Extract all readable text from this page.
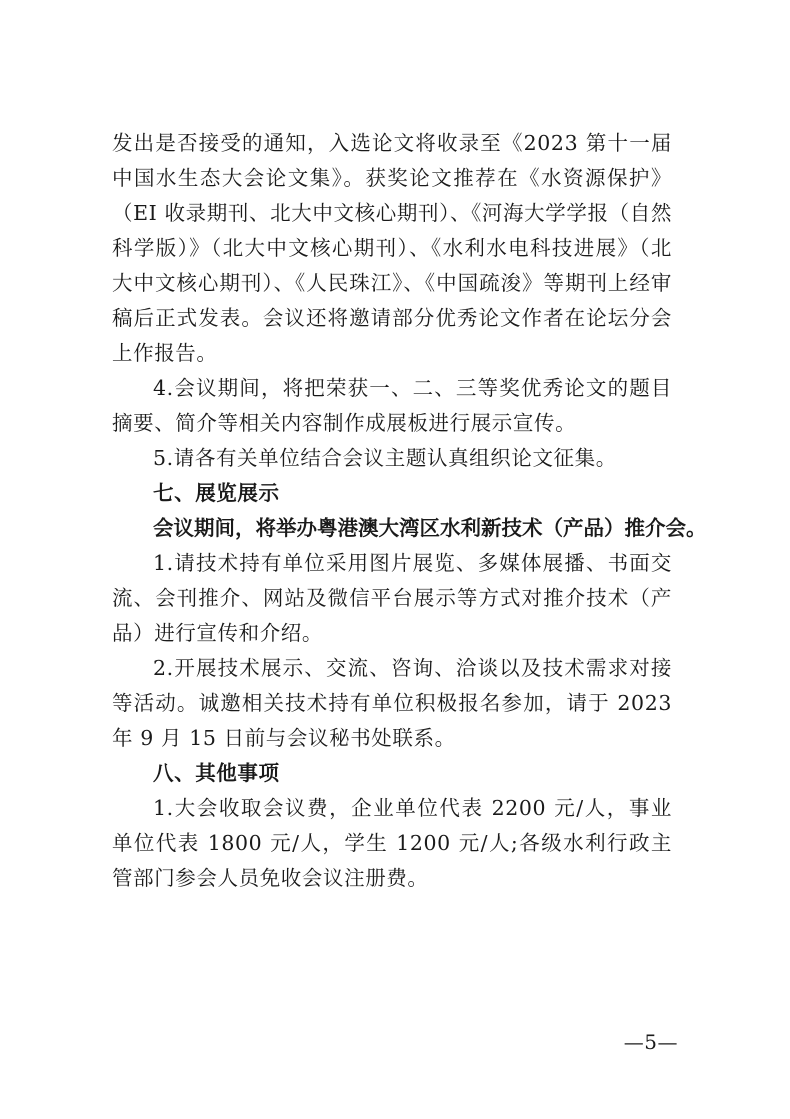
发出是否接受的通知，入选论文将收录至《2023 第十一届中国水生态大会论文集》。获奖论文推荐在《水资源保护》（EI 收录期刊、北大中文核心期刊）、《河海大学学报（自然科学版）》（北大中文核心期刊）、《水利水电科技进展》（北大中文核心期刊）、《人民珠江》、《中国疏浚》等期刊上经审稿后正式发表。会议还将邀请部分优秀论文作者在论坛分会上作报告。

4.会议期间，将把荣获一、二、三等奖优秀论文的题目摘要、简介等相关内容制作成展板进行展示宣传。

5.请各有关单位结合会议主题认真组织论文征集。

七、展览展示

会议期间，将举办粤港澳大湾区水利新技术（产品）推介会。

1.请技术持有单位采用图片展览、多媒体展播、书面交流、会刊推介、网站及微信平台展示等方式对推介技术（产品）进行宣传和介绍。

2.开展技术展示、交流、咨询、洽谈以及技术需求对接等活动。诚邀相关技术持有单位积极报名参加，请于 2023 年 9 月 15 日前与会议秘书处联系。

八、其他事项

1.大会收取会议费，企业单位代表 2200 元/人，事业单位代表 1800 元/人，学生 1200 元/人;各级水利行政主管部门参会人员免收会议注册费。

—5—
